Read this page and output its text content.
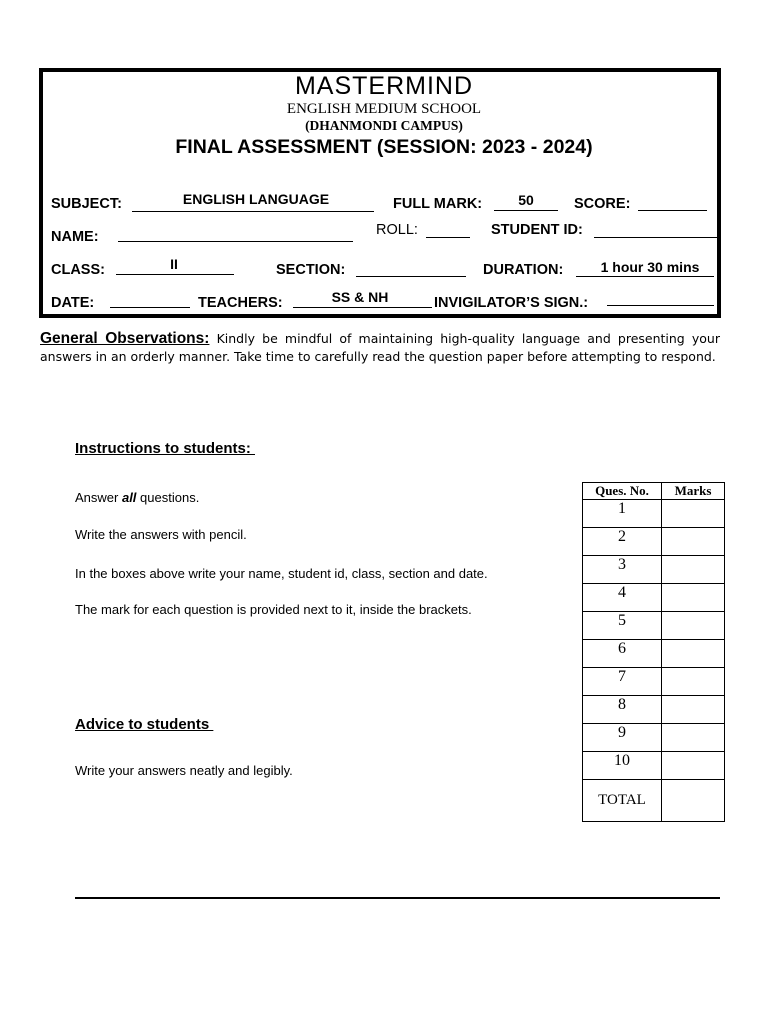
MASTERMIND
ENGLISH MEDIUM SCHOOL
(DHANMONDI CAMPUS)
FINAL ASSESSMENT (SESSION: 2023 - 2024)
SUBJECT:	ENGLISH LANGUAGE	FULL MARK:	50	SCORE:
NAME:	ROLL:	STUDENT ID:
CLASS:	II	SECTION:	DURATION:	1 hour 30 mins
DATE:	TEACHERS:	SS & NH	INVIGILATOR’S SIGN.:
General Observations: Kindly be mindful of maintaining high-quality language and presenting your answers in an orderly manner. Take time to carefully read the question paper before attempting to respond.
Instructions to students:
Answer all questions.
Write the answers with pencil.
In the boxes above write your name, student id, class, section and date.
The mark for each question is provided next to it, inside the brackets.
Advice to students
Write your answers neatly and legibly.
Ques. No.	Marks
1	
2	
3	
4	
5	
6	
7	
8	
9	
10	
TOTAL	
